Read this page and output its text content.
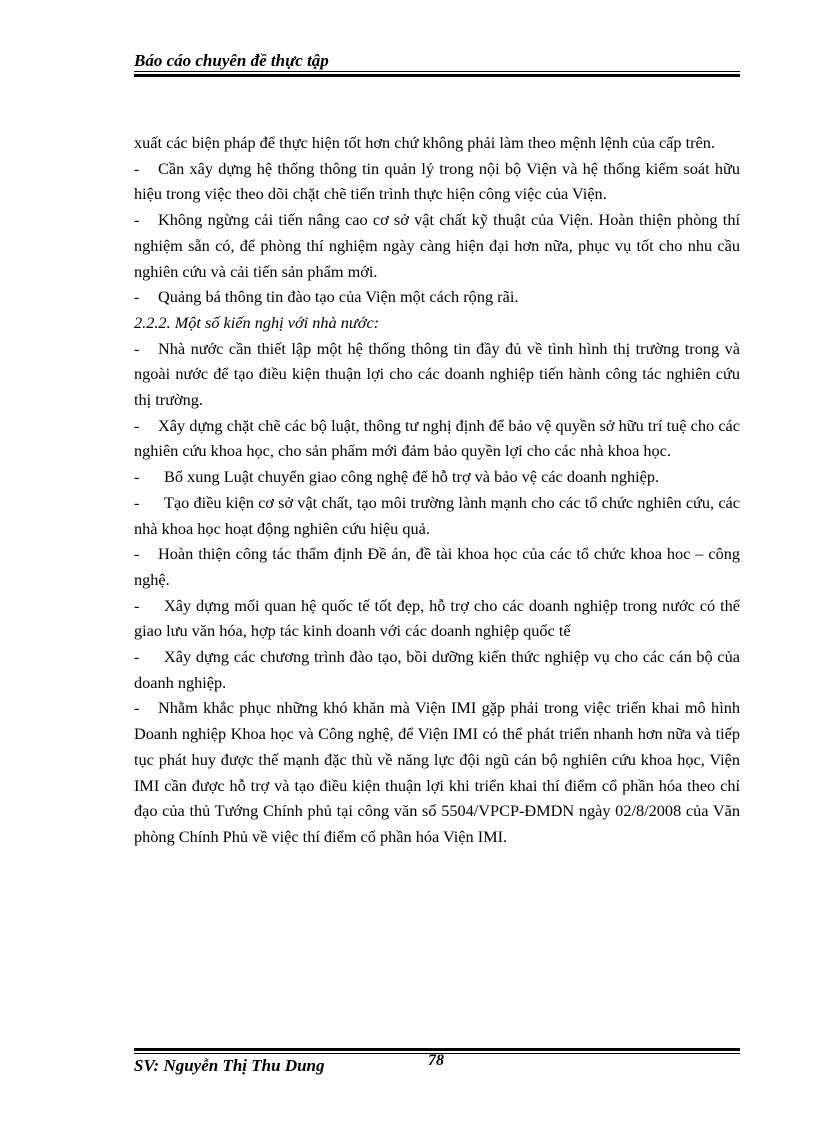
Báo cáo chuyên đề thực tập

xuất các biện pháp để thực hiện tốt hơn chứ không phải làm theo mệnh lệnh của cấp trên.

- Cần xây dựng hệ thống thông tin quản lý trong nội bộ Viện và hệ thống kiểm soát hữu hiệu trong việc theo dõi chặt chẽ tiến trình thực hiện công việc của Viện.

- Không ngừng cải tiến nâng cao cơ sở vật chất kỹ thuật của Viện. Hoàn thiện phòng thí nghiệm sẵn có, để phòng thí nghiệm ngày càng hiện đại hơn nữa, phục vụ tốt cho nhu cầu nghiên cứu và cải tiến sản phẩm mới.

- Quảng bá thông tin đào tạo của Viện một cách rộng rãi.

2.2.2. Một số kiến nghị với nhà nước:

- Nhà nước cần thiết lập một hệ thống thông tin đầy đủ về tình hình thị trường trong và ngoài nước để tạo điều kiện thuận lợi cho các doanh nghiệp tiến hành công tác nghiên cứu thị trường.

- Xây dựng chặt chẽ các bộ luật, thông tư nghị định để bảo vệ quyền sở hữu trí tuệ cho các nghiên cứu khoa học, cho sản phẩm mới đảm bảo quyền lợi cho các nhà khoa học.

- Bổ xung Luật chuyển giao công nghệ để hỗ trợ và bảo vệ các doanh nghiệp.

- Tạo điều kiện cơ sở vật chất, tạo môi trường lành mạnh cho các tổ chức nghiên cứu, các nhà khoa học hoạt động nghiên cứu hiệu quả.

- Hoàn thiện công tác thẩm định Đề án, đề tài khoa học của các tổ chức khoa hoc – công nghệ.

- Xây dựng mối quan hệ quốc tế tốt đẹp, hỗ trợ cho các doanh nghiệp trong nước có thể giao lưu văn hóa, hợp tác kinh doanh với các doanh nghiệp quốc tế

- Xây dựng các chương trình đào tạo, bồi dưỡng kiến thức nghiệp vụ cho các cán bộ của doanh nghiệp.

- Nhằm khắc phục những khó khăn mà Viện IMI gặp phải trong việc triển khai mô hình Doanh nghiệp Khoa học và Công nghệ, để Viện IMI có thể phát triển nhanh hơn nữa và tiếp tục phát huy được thế mạnh đặc thù về năng lực đội ngũ cán bộ nghiên cứu khoa học, Viện IMI cần được hỗ trợ và tạo điều kiện thuận lợi khi triển khai thí điểm cổ phần hóa theo chỉ đạo của thủ Tướng Chính phủ tại công văn số 5504/VPCP-ĐMDN ngày 02/8/2008 của Văn phòng Chính Phủ về việc thí điểm cổ phần hóa Viện IMI.

SV: Nguyễn Thị Thu Dung	78
